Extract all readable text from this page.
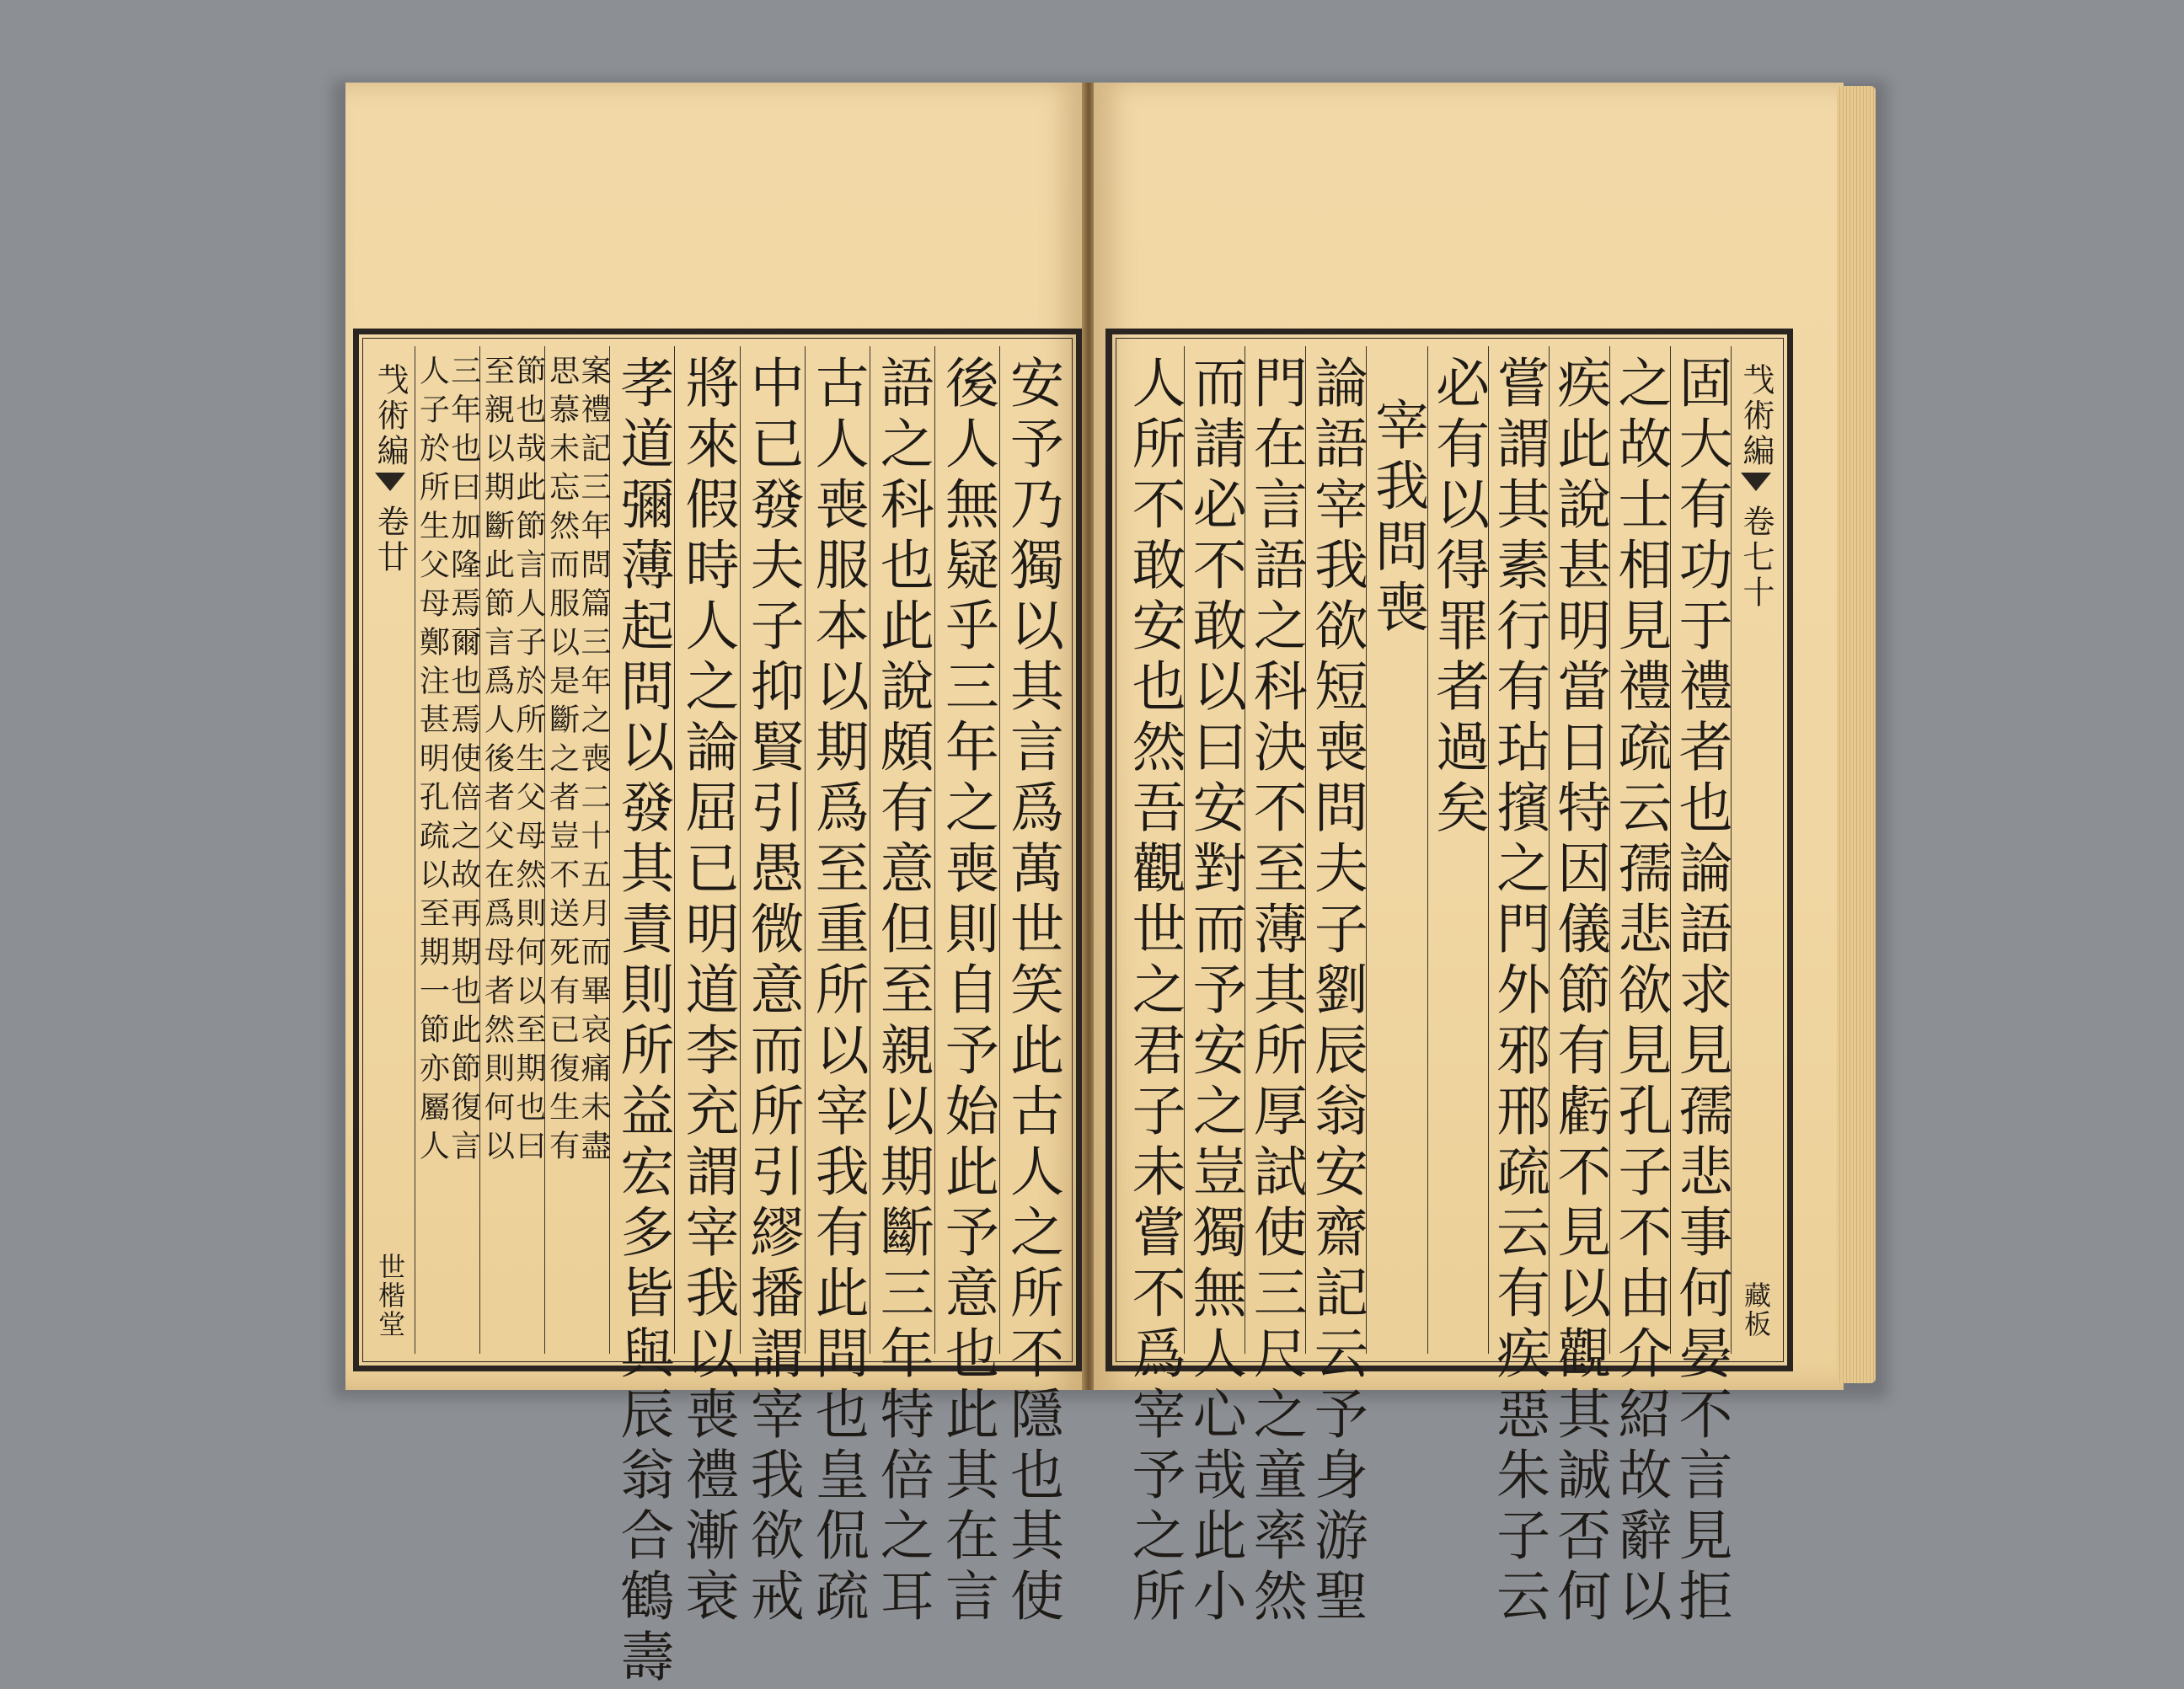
安予乃獨以其言爲萬世笑此古人之所不隱也其使
後人無疑乎三年之喪則自予始此予意也此其在言
語之科也此說頗有意但至親以期斷三年特倍之耳
古人喪服本以期爲至重所以宰我有此問也皇侃疏
中已發夫子抑賢引愚微意而所引繆播謂宰我欲戒
將來假時人之論屈已明道李充謂宰我以喪禮漸衰
孝道彌薄起問以發其責則所益宏多皆與辰翁合鶴壽
案禮記三年問篇三年之喪二十五月而畢哀痛未盡
思慕未忘然而服以是斷之者豈不送死有已復生有
節也哉此節言人子於所生父母然則何以至期也曰
至親以期斷此節言爲人後者父在爲母者然則何以
三年也曰加隆焉爾也焉使倍之故再期也此節復言
人子於所生父母鄭注甚明孔疏以至期一節亦屬人
𢦏術編　卷廿
世楷堂
𢦏術編　卷七十
藏板
固大有功于禮者也論語求見孺悲事何晏不言見拒
之故士相見禮疏云孺悲欲見孔子不由介紹故辭以
疾此說甚明當日特因儀節有虧不見以觀其誠否何
嘗謂其素行有玷擯之門外邪邢疏云有疾惡朱子云
必有以得罪者過矣
宰我問喪
論語宰我欲短喪問夫子劉辰翁安齋記云予身游聖
門在言語之科決不至薄其所厚試使三尺之童率然
而請必不敢以曰安對而予安之豈獨無人心哉此小
人所不敢安也然吾觀世之君子未嘗不爲宰予之所
